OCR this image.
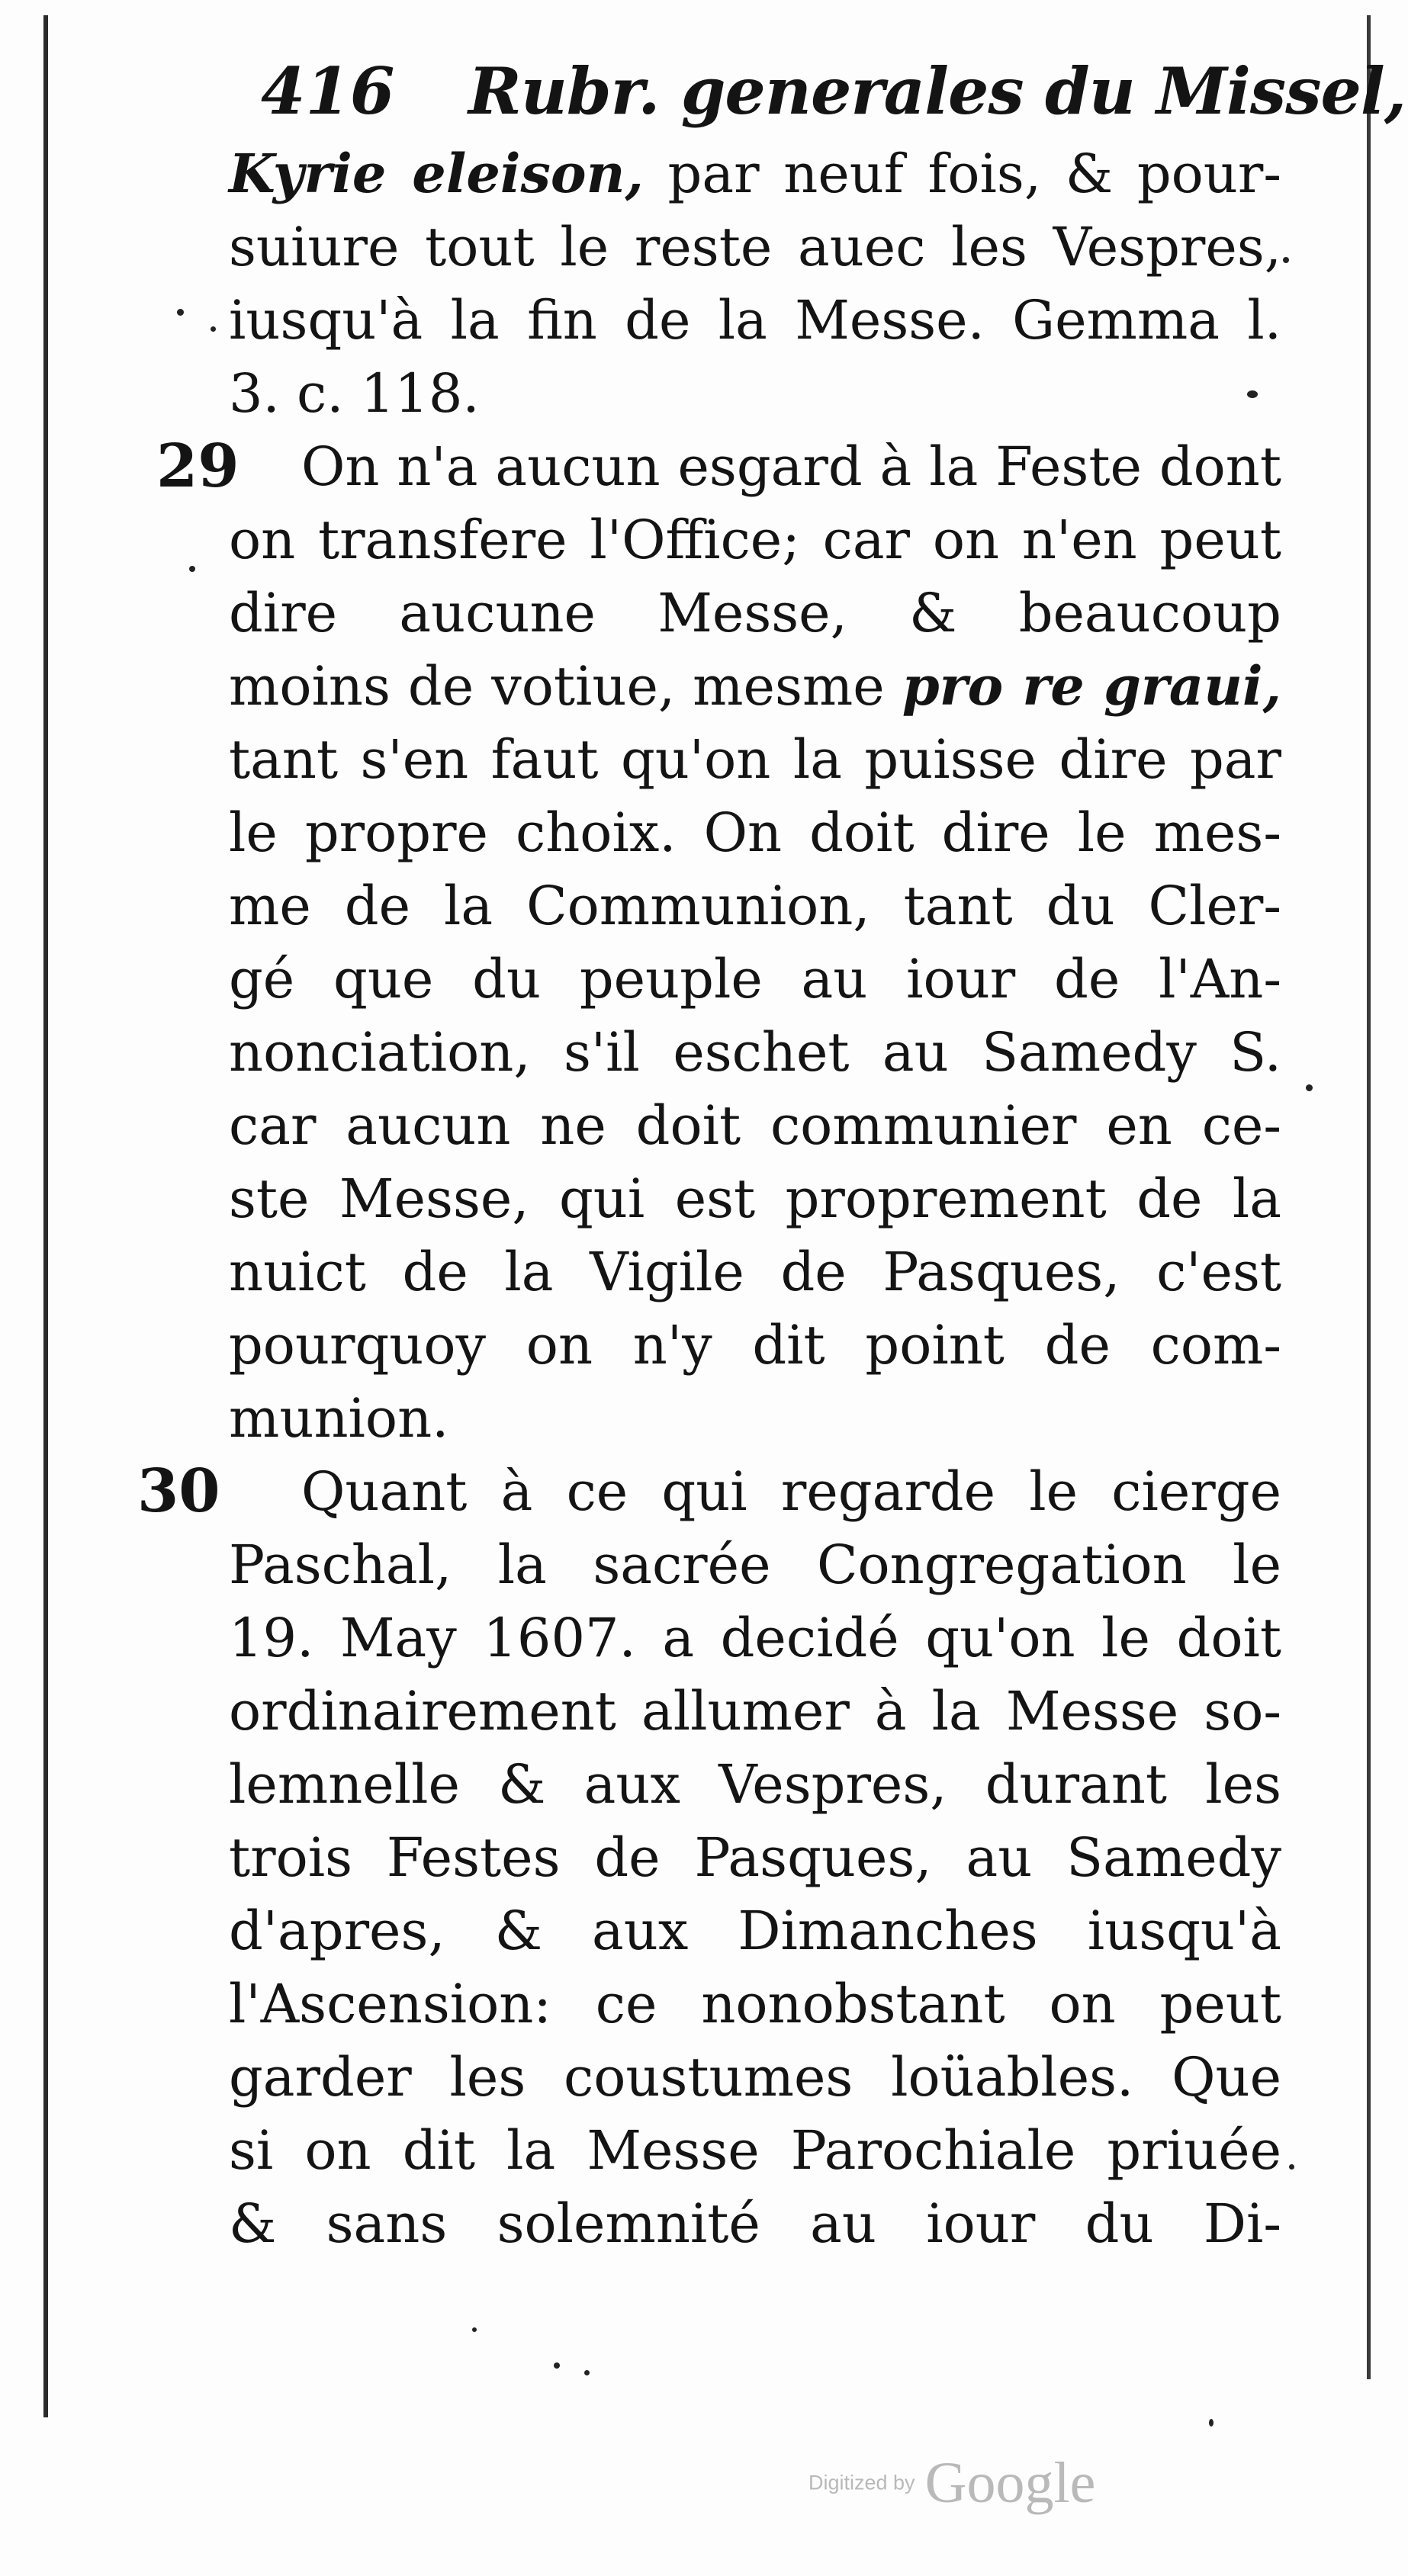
416 Rubr. generales du Missel,
29
30
Kyrie eleison, par neuf fois, & pour-
suiure tout le reste auec les Vespres,
iusqu'à la fin de la Messe. Gemma l.
3. c. 118.
On n'a aucun esgard à la Feste dont
on transfere l'Office; car on n'en peut
dire aucune Messe, & beaucoup
moins de votiue, mesme pro re graui,
tant s'en faut qu'on la puisse dire par
le propre choix. On doit dire le mes-
me de la Communion, tant du Cler-
gé que du peuple au iour de l'An-
nonciation, s'il eschet au Samedy S.
car aucun ne doit communier en ce-
ste Messe, qui est proprement de la
nuict de la Vigile de Pasques, c'est
pourquoy on n'y dit point de com-
munion.
Quant à ce qui regarde le cierge
Paschal, la sacrée Congregation le
19. May 1607. a decidé qu'on le doit
ordinairement allumer à la Messe so-
lemnelle & aux Vespres, durant les
trois Festes de Pasques, au Samedy
d'apres, & aux Dimanches iusqu'à
l'Ascension: ce nonobstant on peut
garder les coustumes loüables. Que
si on dit la Messe Parochiale priuée
& sans solemnité au iour du Di-
Digitized by Google
